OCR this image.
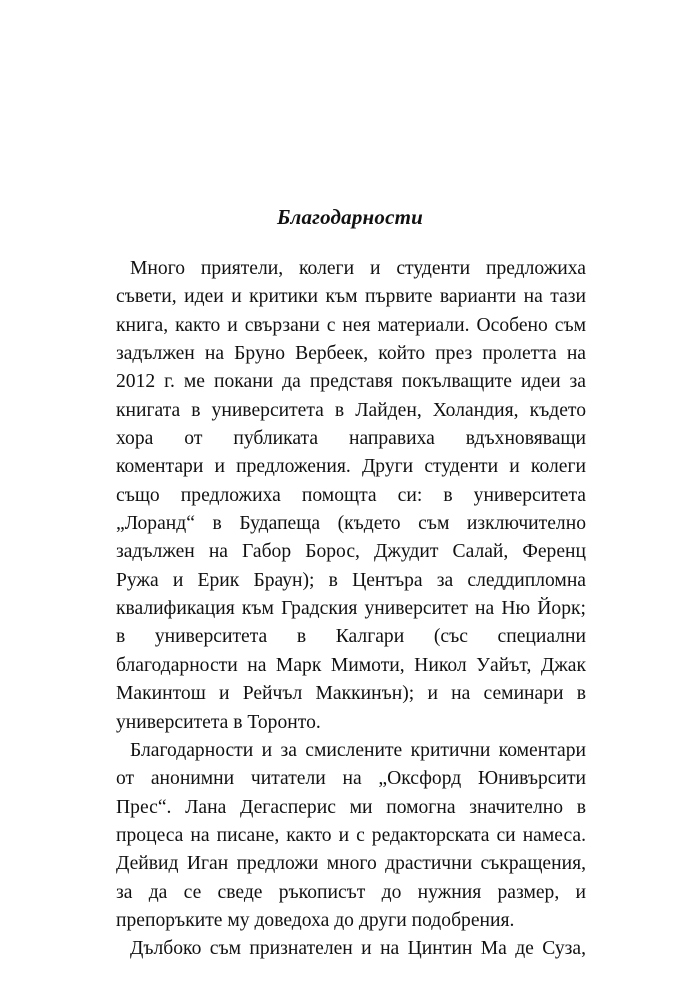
Благодарности
Много приятели, колеги и студенти предложиха
съвети, идеи и критики към първите варианти на тази
книга, както и свързани с нея материали. Особено съм
задължен на Бруно Вербеек, който през пролетта на
2012 г. ме покани да представя покълващите идеи за
книгата в университета в Лайден, Холандия, където
хора от публиката направиха вдъхновяващи
коментари и предложения. Други студенти и колеги
също предложиха помощта си: в университета
„Лоранд“ в Будапеща (където съм изключително
задължен на Габор Борос, Джудит Салай, Ференц
Ружа и Ерик Браун); в Центъра за следдипломна
квалификация към Градския университет на Ню Йорк;
в университета в Калгари (със специални
благодарности на Марк Мимоти, Никол Уайът, Джак
Макинтош и Рейчъл Маккинън); и на семинари в
университета в Торонто.
Благодарности и за смислените критични коментари
от анонимни читатели на „Оксфорд Юнивърсити
Прес“. Лана Дегасперис ми помогна значително в
процеса на писане, както и с редакторската си намеса.
Дейвид Иган предложи много драстични съкращения,
за да се сведе ръкописът до нужния размер, и
препоръките му доведоха до други подобрения.
Дълбоко съм признателен и на Цинтин Ма де Суза,
